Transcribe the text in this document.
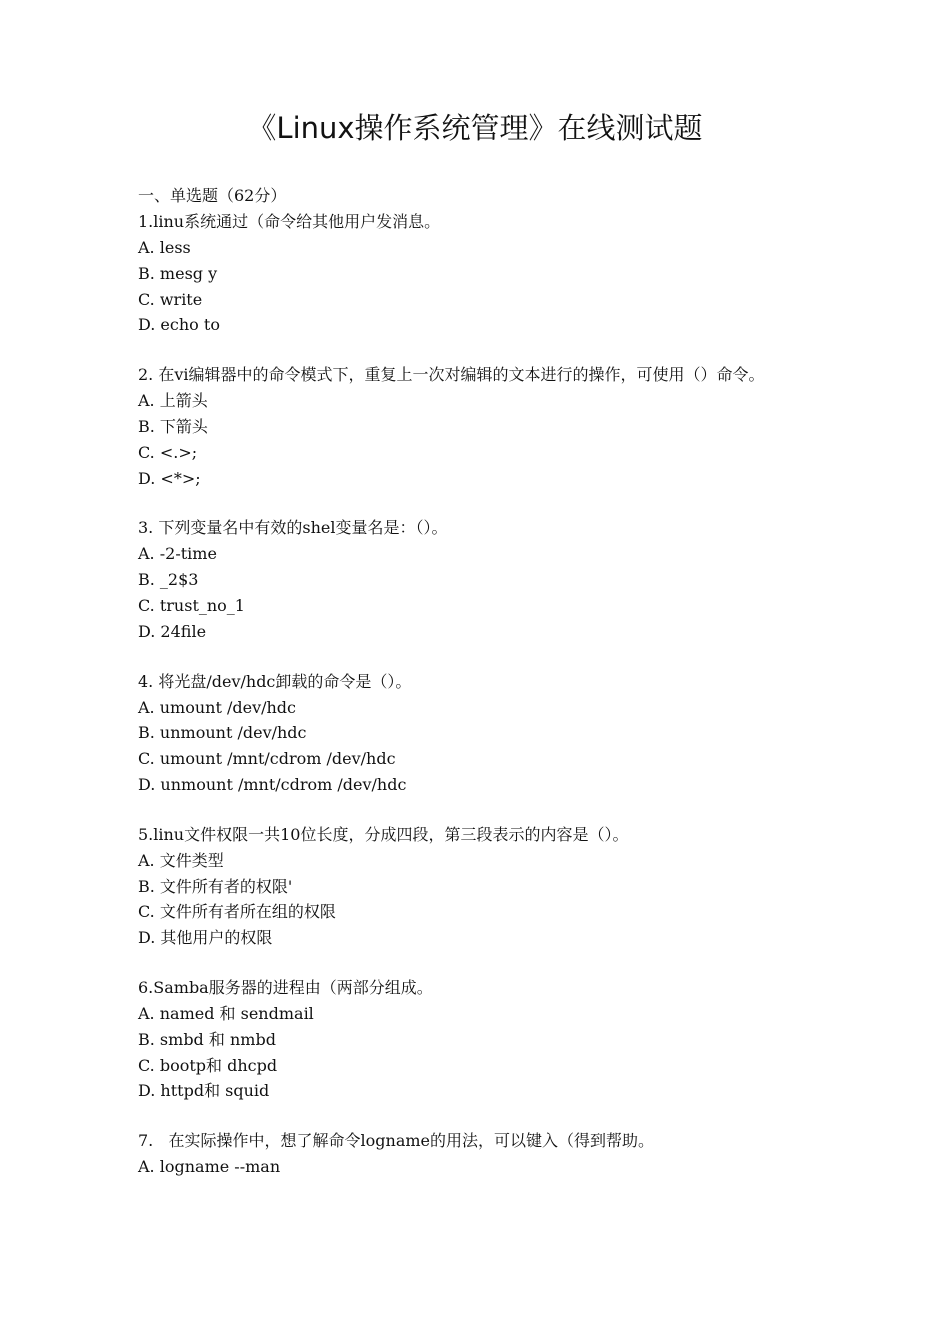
《Linux操作系统管理》在线测试题
一、单选题（62分）
1.linu系统通过（命令给其他用户发消息。
A. less
B. mesg y
C. write
D. echo to
2. 在vi编辑器中的命令模式下，重复上一次对编辑的文本进行的操作，可使用（）命令。
A. 上箭头
B. 下箭头
C. <.>;
D. <*>;
3. 下列变量名中有效的shel变量名是：（）。
A. -2-time
B. _2$3
C. trust_no_1
D. 24file
4. 将光盘/dev/hdc卸载的命令是（）。
A. umount /dev/hdc
B. unmount /dev/hdc
C. umount /mnt/cdrom /dev/hdc
D. unmount /mnt/cdrom /dev/hdc
5.linu文件权限一共10位长度，分成四段，第三段表示的内容是（）。
A. 文件类型
B. 文件所有者的权限'
C. 文件所有者所在组的权限
D. 其他用户的权限
6.Samba服务器的进程由（两部分组成。
A. named 和 sendmail
B. smbd 和 nmbd
C. bootp和 dhcpd
D. httpd和 squid
7.   在实际操作中，想了解命令logname的用法，可以键入（得到帮助。
A. logname --man
